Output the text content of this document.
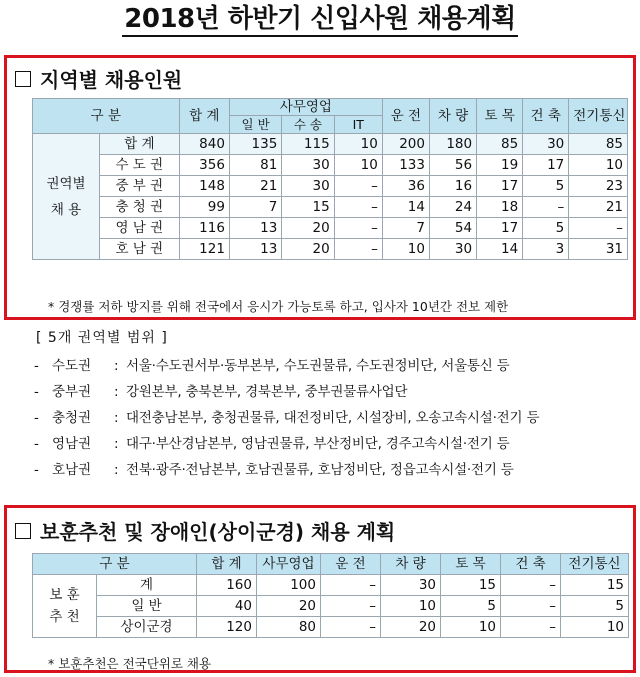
2018년 하반기 신입사원 채용계획
지역별 채용인원
구 분		합 계	사무영업			운 전	차 량	토 목	건 축	전기통신
			일 반	수 송	IT					

권역별
채 용	합 계	840	135	115	10	200	180	85	30	85
	수 도 권	356	81	30	10	133	56	19	17	10
	중 부 권	148	21	30	–	36	16	17	5	23
	충 청 권	99	7	15	–	14	24	18	–	21
	영 남 권	116	13	20	–	7	54	17	5	–
	호 남 권	121	13	20	–	10	30	14	3	31
* 경쟁률 저하 방지를 위해 전국에서 응시가 가능토록 하고, 입사자 10년간 전보 제한
[ 5개 권역별 범위 ]
- 수도권	: 서울·수도권서부·동부본부, 수도권물류, 수도권정비단, 서울통신 등
- 중부권	: 강원본부, 충북본부, 경북본부, 중부권물류사업단
- 충청권	: 대전충남본부, 충청권물류, 대전정비단, 시설장비, 오송고속시설·전기 등
- 영남권	: 대구·부산경남본부, 영남권물류, 부산정비단, 경주고속시설·전기 등
- 호남권	: 전북·광주·전남본부, 호남권물류, 호남정비단, 정읍고속시설·전기 등
보훈추천 및 장애인(상이군경) 채용 계획
구 분		합 계	사무영업	운 전	차 량	토 목	건 축	전기통신

보 훈
추 천	계	160	100	–	30	15	–	15
	일 반	40	20	–	10	5	–	5
	상이군경	120	80	–	20	10	–	10
* 보훈추천은 전국단위로 채용
